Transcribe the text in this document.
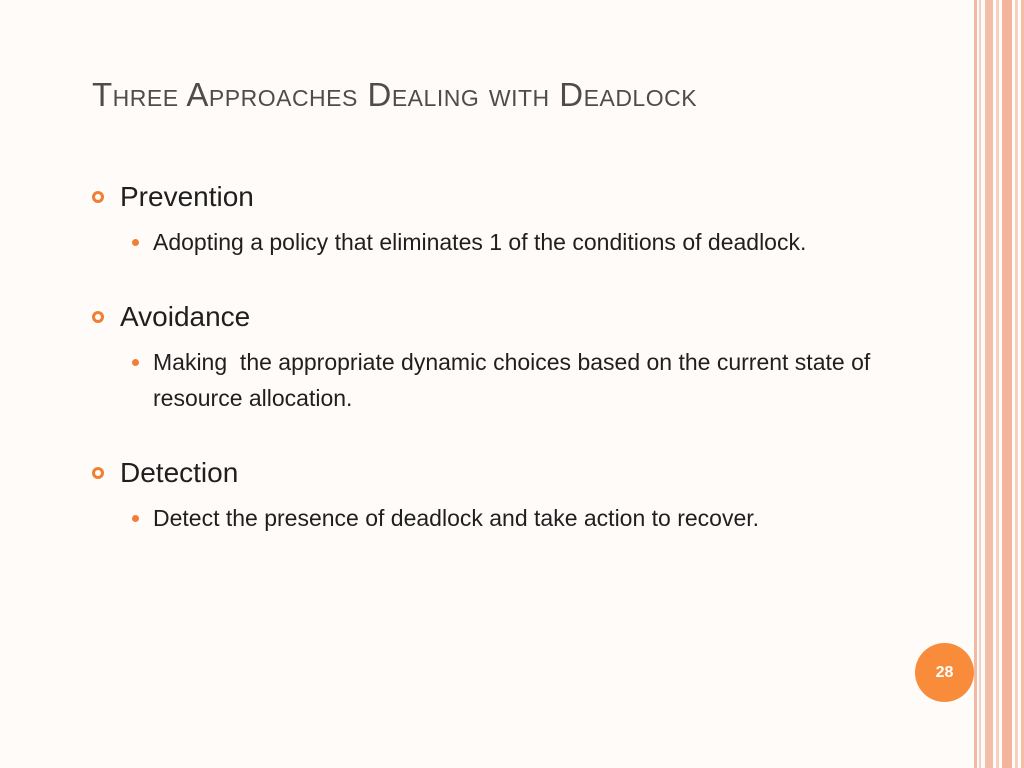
Three Approaches Dealing with Deadlock
Prevention
Adopting a policy that eliminates 1 of the conditions of deadlock.
Avoidance
Making  the appropriate dynamic choices based on the current state of resource allocation.
Detection
Detect the presence of deadlock and take action to recover.
28
